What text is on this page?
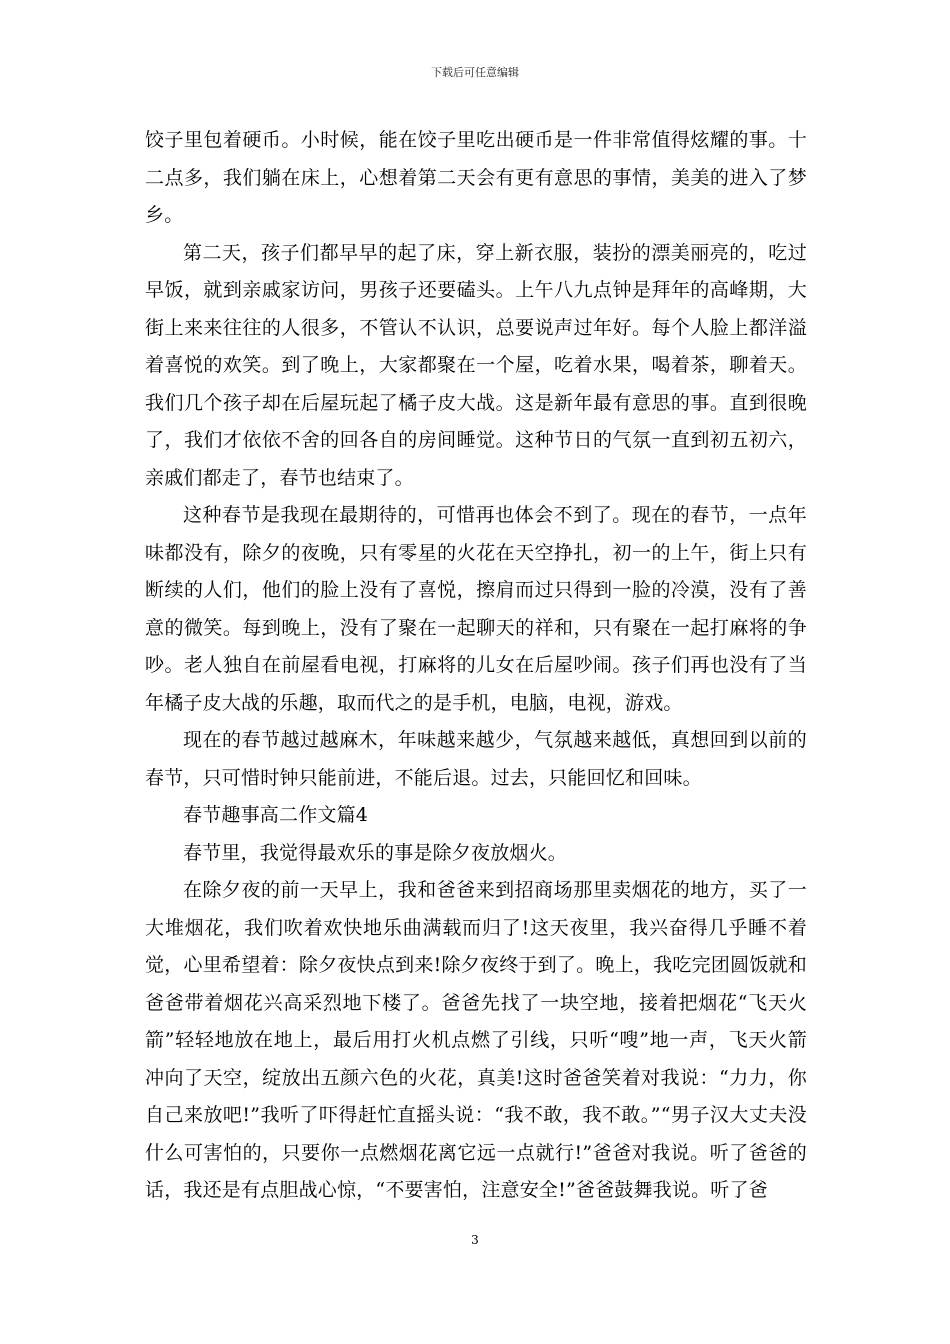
下载后可任意编辑

饺子里包着硬币。小时候，能在饺子里吃出硬币是一件非常值得炫耀的事。十二点多，我们躺在床上，心想着第二天会有更有意思的事情，美美的进入了梦乡。

第二天，孩子们都早早的起了床，穿上新衣服，装扮的漂美丽亮的，吃过早饭，就到亲戚家访问，男孩子还要磕头。上午八九点钟是拜年的高峰期，大街上来来往往的人很多，不管认不认识，总要说声过年好。每个人脸上都洋溢着喜悦的欢笑。到了晚上，大家都聚在一个屋，吃着水果，喝着茶，聊着天。我们几个孩子却在后屋玩起了橘子皮大战。这是新年最有意思的事。直到很晚了，我们才依依不舍的回各自的房间睡觉。这种节日的气氛一直到初五初六，亲戚们都走了，春节也结束了。

这种春节是我现在最期待的，可惜再也体会不到了。现在的春节，一点年味都没有，除夕的夜晚，只有零星的火花在天空挣扎，初一的上午，街上只有断续的人们，他们的脸上没有了喜悦，擦肩而过只得到一脸的冷漠，没有了善意的微笑。每到晚上，没有了聚在一起聊天的祥和，只有聚在一起打麻将的争吵。老人独自在前屋看电视，打麻将的儿女在后屋吵闹。孩子们再也没有了当年橘子皮大战的乐趣，取而代之的是手机，电脑，电视，游戏。

现在的春节越过越麻木，年味越来越少，气氛越来越低，真想回到以前的春节，只可惜时钟只能前进，不能后退。过去，只能回忆和回味。

春节趣事高二作文篇4

春节里，我觉得最欢乐的事是除夕夜放烟火。

在除夕夜的前一天早上，我和爸爸来到招商场那里卖烟花的地方，买了一大堆烟花，我们吹着欢快地乐曲满载而归了!这天夜里，我兴奋得几乎睡不着觉，心里希望着：除夕夜快点到来!除夕夜终于到了。晚上，我吃完团圆饭就和爸爸带着烟花兴高采烈地下楼了。爸爸先找了一块空地，接着把烟花“飞天火箭”轻轻地放在地上，最后用打火机点燃了引线，只听“嗖”地一声，飞天火箭冲向了天空，绽放出五颜六色的火花，真美!这时爸爸笑着对我说：“力力，你自己来放吧!”我听了吓得赶忙直摇头说：“我不敢，我不敢。”“男子汉大丈夫没什么可害怕的，只要你一点燃烟花离它远一点就行!”爸爸对我说。听了爸爸的话，我还是有点胆战心惊，“不要害怕，注意安全!”爸爸鼓舞我说。听了爸

3
